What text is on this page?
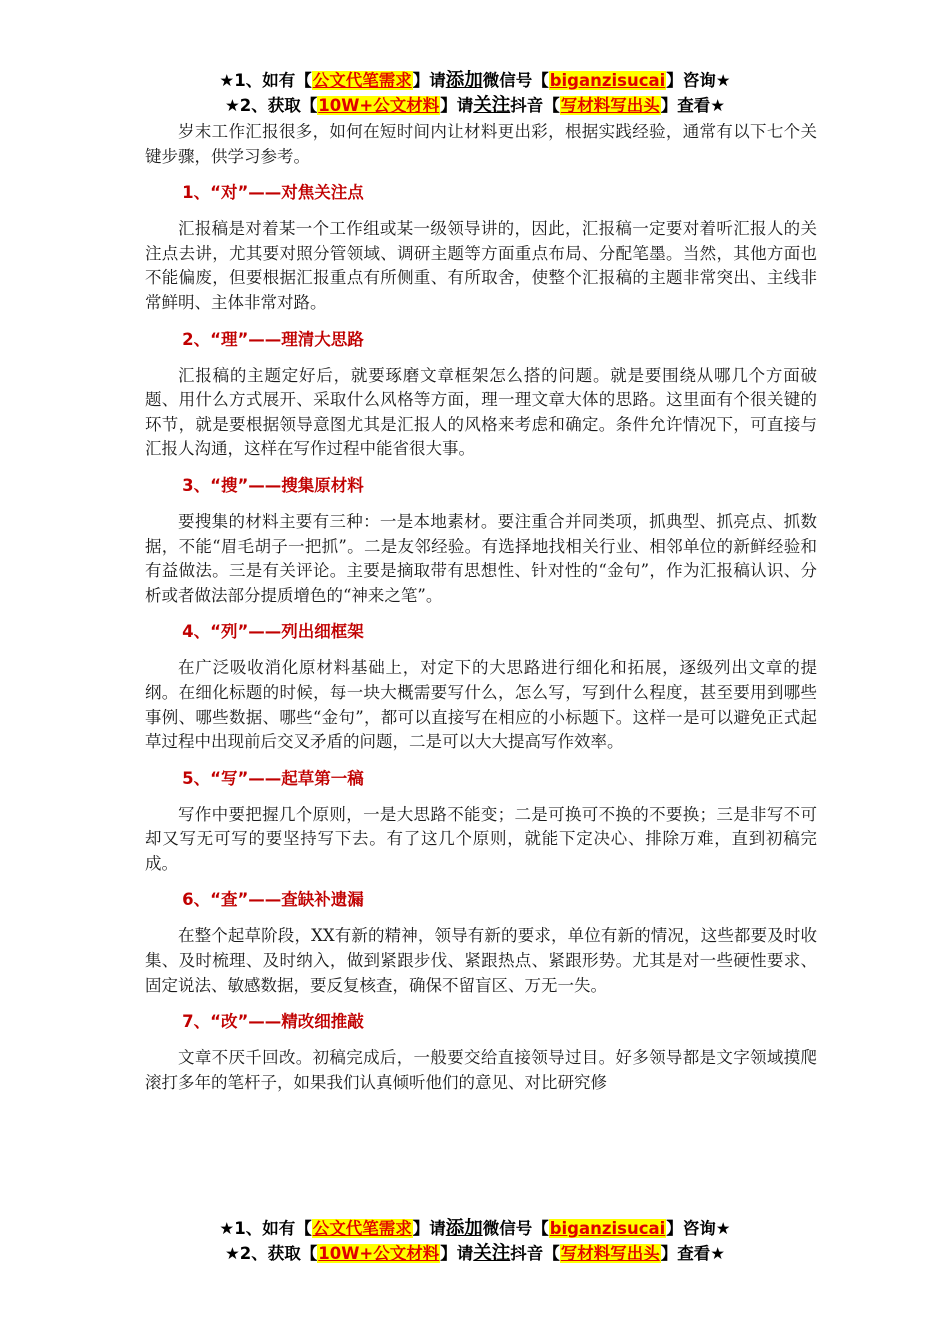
★1、如有【公文代笔需求】请添加微信号【biganzisucai】咨询★
★2、获取【10W+公文材料】请关注抖音【写材料写出头】查看★

岁末工作汇报很多，如何在短时间内让材料更出彩，根据实践经验，通常有以下七个关键步骤，供学习参考。

1、“对”——对焦关注点

汇报稿是对着某一个工作组或某一级领导讲的，因此，汇报稿一定要对着听汇报人的关注点去讲，尤其要对照分管领域、调研主题等方面重点布局、分配笔墨。当然，其他方面也不能偏废，但要根据汇报重点有所侧重、有所取舍，使整个汇报稿的主题非常突出、主线非常鲜明、主体非常对路。

2、“理”——理清大思路

汇报稿的主题定好后，就要琢磨文章框架怎么搭的问题。就是要围绕从哪几个方面破题、用什么方式展开、采取什么风格等方面，理一理文章大体的思路。这里面有个很关键的环节，就是要根据领导意图尤其是汇报人的风格来考虑和确定。条件允许情况下，可直接与汇报人沟通，这样在写作过程中能省很大事。

3、“搜”——搜集原材料

要搜集的材料主要有三种：一是本地素材。要注重合并同类项，抓典型、抓亮点、抓数据，不能“眉毛胡子一把抓”。二是友邻经验。有选择地找相关行业、相邻单位的新鲜经验和有益做法。三是有关评论。主要是摘取带有思想性、针对性的“金句”，作为汇报稿认识、分析或者做法部分提质增色的“神来之笔”。

4、“列”——列出细框架

在广泛吸收消化原材料基础上，对定下的大思路进行细化和拓展，逐级列出文章的提纲。在细化标题的时候，每一块大概需要写什么，怎么写，写到什么程度，甚至要用到哪些事例、哪些数据、哪些“金句”，都可以直接写在相应的小标题下。这样一是可以避免正式起草过程中出现前后交叉矛盾的问题，二是可以大大提高写作效率。

5、“写”——起草第一稿

写作中要把握几个原则，一是大思路不能变；二是可换可不换的不要换；三是非写不可却又写无可写的要坚持写下去。有了这几个原则，就能下定决心、排除万难，直到初稿完成。

6、“查”——查缺补遗漏

在整个起草阶段，XX有新的精神，领导有新的要求，单位有新的情况，这些都要及时收集、及时梳理、及时纳入，做到紧跟步伐、紧跟热点、紧跟形势。尤其是对一些硬性要求、固定说法、敏感数据，要反复核查，确保不留盲区、万无一失。

7、“改”——精改细推敲

文章不厌千回改。初稿完成后，一般要交给直接领导过目。好多领导都是文字领域摸爬滚打多年的笔杆子，如果我们认真倾听他们的意见、对比研究修

★1、如有【公文代笔需求】请添加微信号【biganzisucai】咨询★
★2、获取【10W+公文材料】请关注抖音【写材料写出头】查看★
